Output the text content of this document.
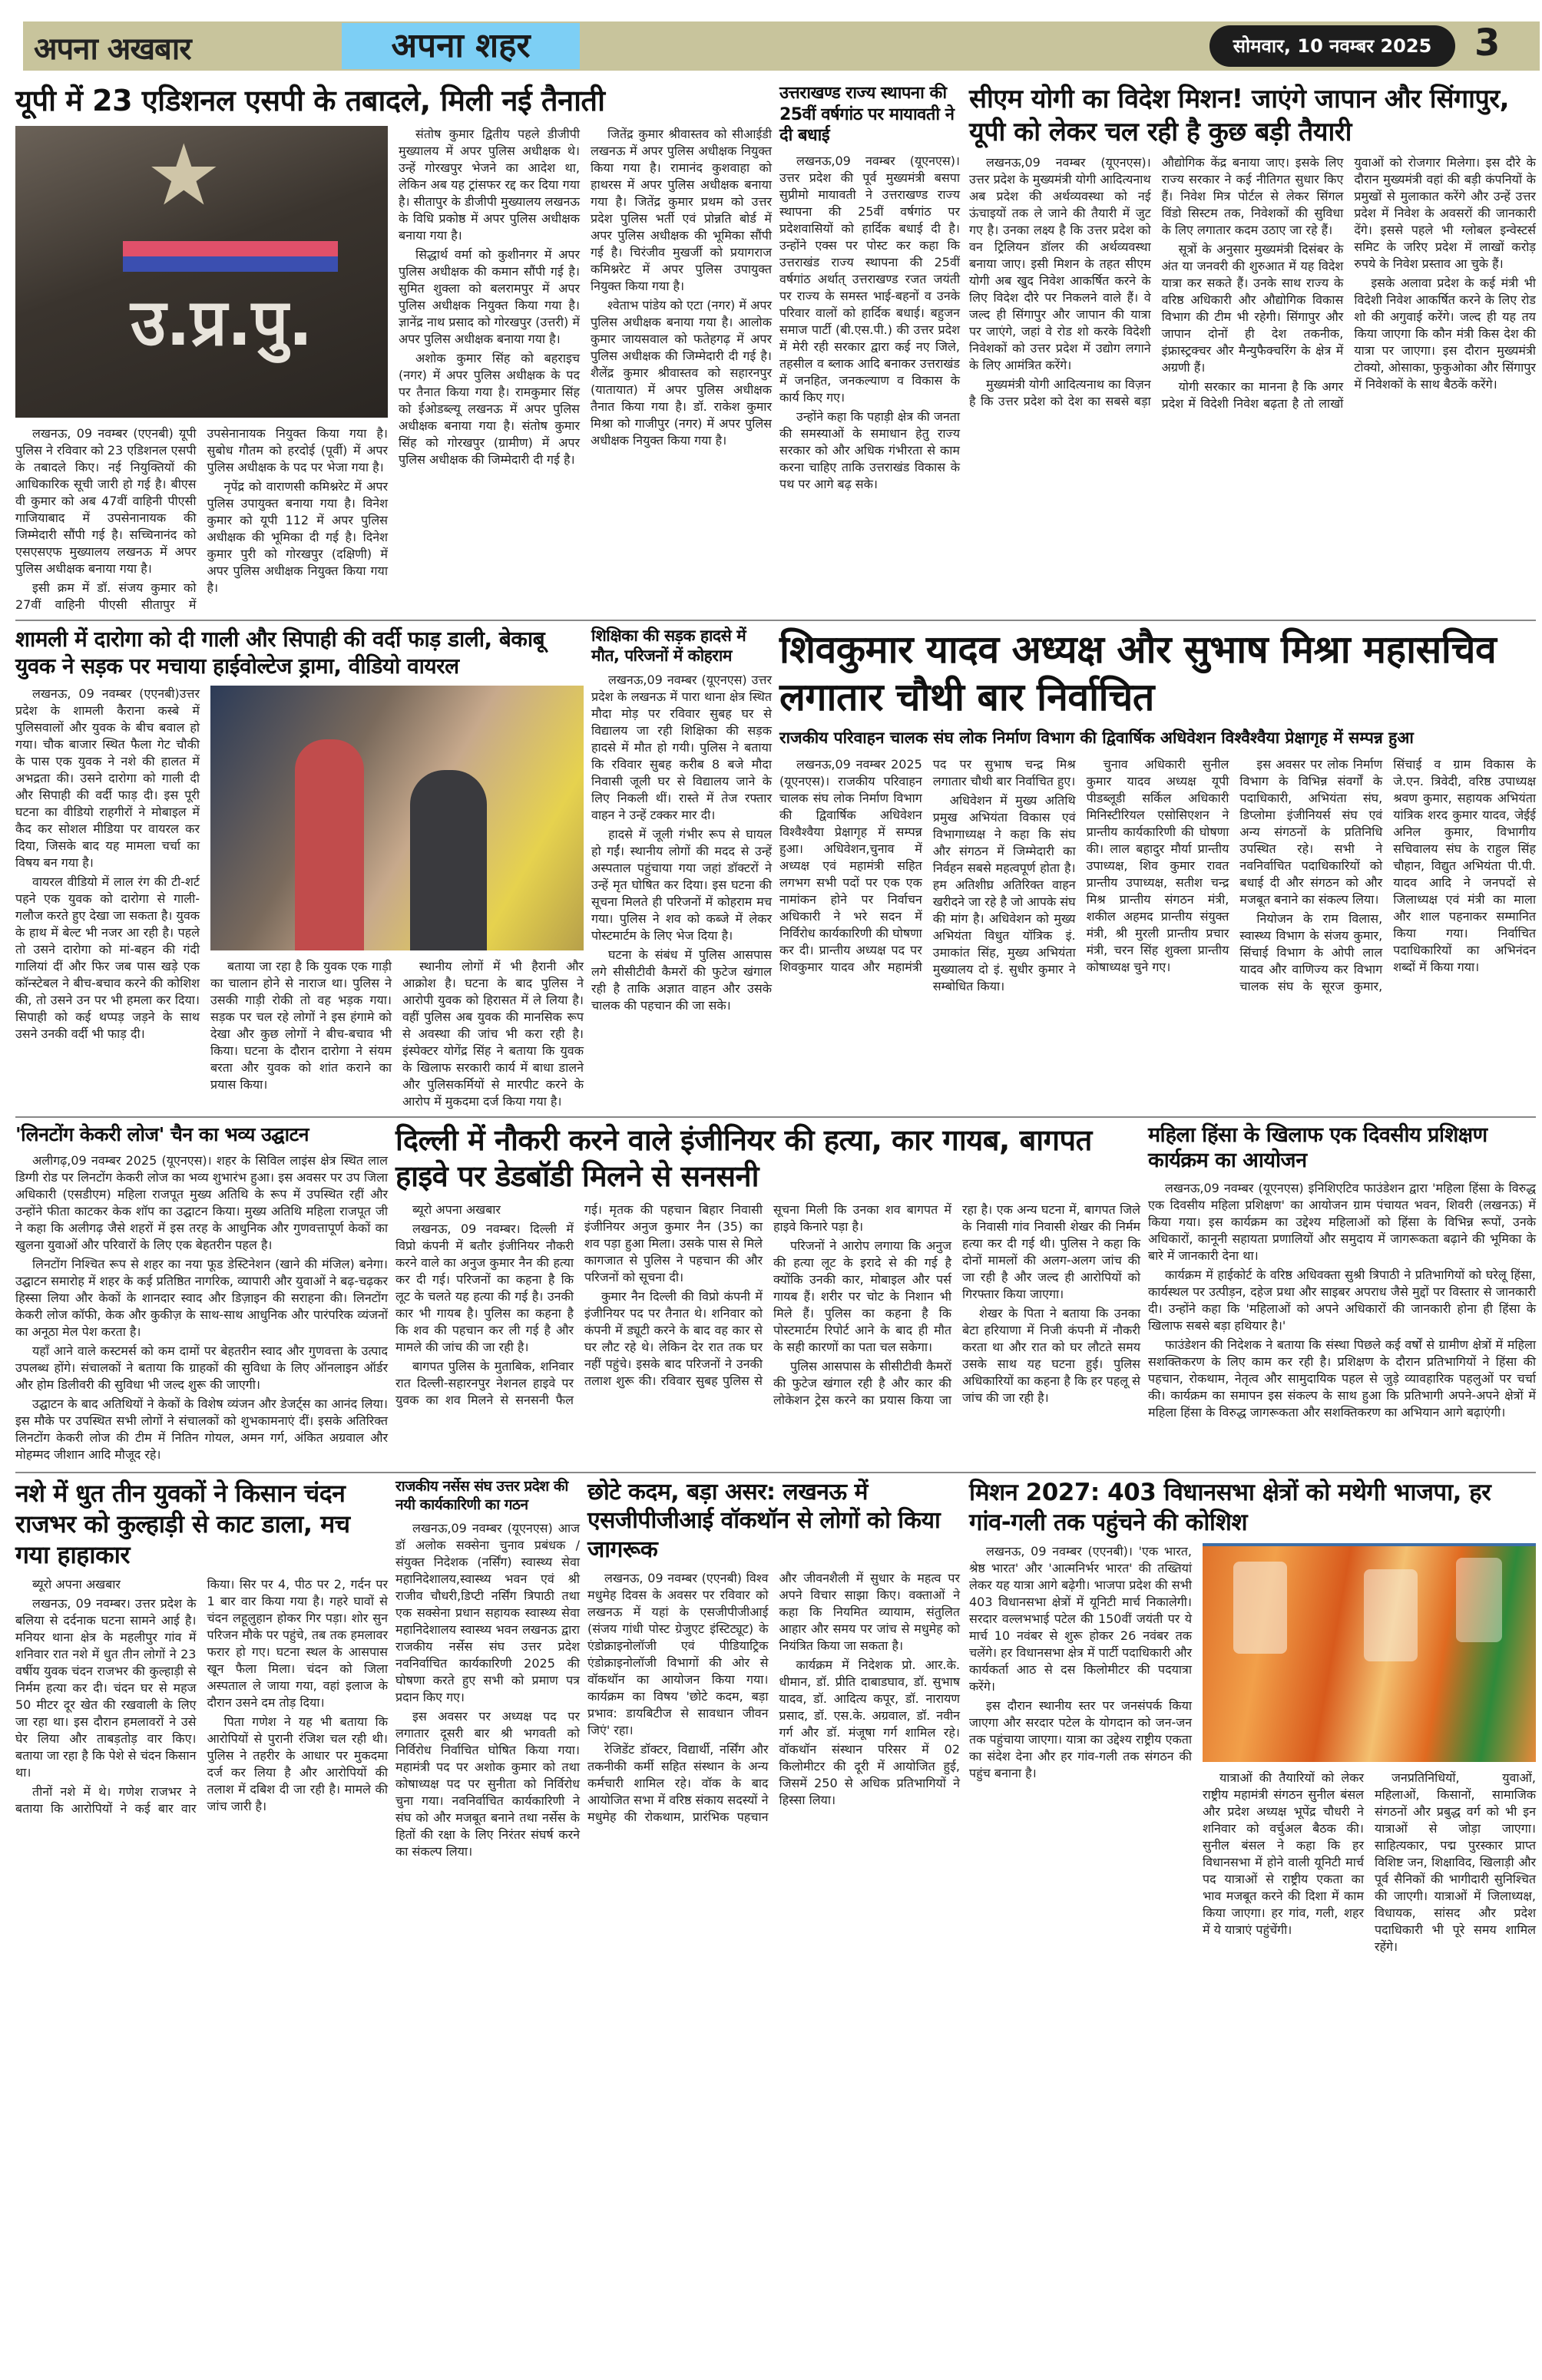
अपना अखबार	अपना शहर	सोमवार, 10 नवम्बर 2025	3
यूपी में 23 एडिशनल एसपी के तबादले, मिली नई तैनाती
★
उ.प्र.पु.

लखनऊ, 09 नवम्बर (एएनबी) यूपी पुलिस ने रविवार को 23 एडिशनल एसपी के तबादले किए। नई नियुक्तियों की आधिकारिक सूची जारी हो गई है। बीएस वी कुमार को अब 47वीं वाहिनी पीएसी गाजियाबाद में उपसेनानायक की जिम्मेदारी सौंपी गई है। सच्चिनानंद को एसएसएफ मुख्यालय लखनऊ में अपर पुलिस अधीक्षक बनाया गया है।

इसी क्रम में डॉ. संजय कुमार को 27वीं वाहिनी पीएसी सीतापुर में उपसेनानायक नियुक्त किया गया है। सुबोध गौतम को हरदोई (पूर्वी) में अपर पुलिस अधीक्षक के पद पर भेजा गया है।

नृपेंद्र को वाराणसी कमिश्नरेट में अपर पुलिस उपायुक्त बनाया गया है। विनेश कुमार को यूपी 112 में अपर पुलिस अधीक्षक की भूमिका दी गई है। दिनेश कुमार पुरी को गोरखपुर (दक्षिणी) में अपर पुलिस अधीक्षक नियुक्त किया गया है।

संतोष कुमार द्वितीय पहले डीजीपी मुख्यालय में अपर पुलिस अधीक्षक थे। उन्हें गोरखपुर भेजने का आदेश था, लेकिन अब यह ट्रांसफर रद्द कर दिया गया है। सीतापुर के डीजीपी मुख्यालय लखनऊ के विधि प्रकोष्ठ में अपर पुलिस अधीक्षक बनाया गया है।

सिद्धार्थ वर्मा को कुशीनगर में अपर पुलिस अधीक्षक की कमान सौंपी गई है। सुमित शुक्ला को बलरामपुर में अपर पुलिस अधीक्षक नियुक्त किया गया है। ज्ञानेंद्र नाथ प्रसाद को गोरखपुर (उत्तरी) में अपर पुलिस अधीक्षक बनाया गया है।

अशोक कुमार सिंह को बहराइच (नगर) में अपर पुलिस अधीक्षक के पद पर तैनात किया गया है। रामकुमार सिंह को ईओडब्ल्यू लखनऊ में अपर पुलिस अधीक्षक बनाया गया है। संतोष कुमार सिंह को गोरखपुर (ग्रामीण) में अपर पुलिस अधीक्षक की जिम्मेदारी दी गई है।

जितेंद्र कुमार श्रीवास्तव को सीआईडी लखनऊ में अपर पुलिस अधीक्षक नियुक्त किया गया है। रामानंद कुशवाहा को हाथरस में अपर पुलिस अधीक्षक बनाया गया है। जितेंद्र कुमार प्रथम को उत्तर प्रदेश पुलिस भर्ती एवं प्रोन्नति बोर्ड में अपर पुलिस अधीक्षक की भूमिका सौंपी गई है। चिरंजीव मुखर्जी को प्रयागराज कमिश्नरेट में अपर पुलिस उपायुक्त नियुक्त किया गया है।

श्वेताभ पांडेय को एटा (नगर) में अपर पुलिस अधीक्षक बनाया गया है। आलोक कुमार जायसवाल को फतेहगढ़ में अपर पुलिस अधीक्षक की जिम्मेदारी दी गई है। शैलेंद्र कुमार श्रीवास्तव को सहारनपुर (यातायात) में अपर पुलिस अधीक्षक तैनात किया गया है। डॉ. राकेश कुमार मिश्रा को गाजीपुर (नगर) में अपर पुलिस अधीक्षक नियुक्त किया गया है।

उत्तराखण्ड राज्य स्थापना की 25वीं वर्षगांठ पर मायावती ने दी बधाई

लखनऊ,09 नवम्बर (यूएनएस)। उत्तर प्रदेश की पूर्व मुख्यमंत्री बसपा सुप्रीमो मायावती ने उत्तराखण्ड राज्य स्थापना की 25वीं वर्षगांठ पर प्रदेशवासियों को हार्दिक बधाई दी है। उन्होंने एक्स पर पोस्ट कर कहा कि उत्तराखंड राज्य स्थापना की 25वीं वर्षगांठ अर्थात् उत्तराखण्ड रजत जयंती पर राज्य के समस्त भाई-बहनों व उनके परिवार वालों को हार्दिक बधाई। बहुजन समाज पार्टी (बी.एस.पी.) की उत्तर प्रदेश में मेरी रही सरकार द्वारा कई नए जिले, तहसील व ब्लाक आदि बनाकर उत्तराखंड में जनहित, जनकल्याण व विकास के कार्य किए गए।

उन्होंने कहा कि पहाड़ी क्षेत्र की जनता की समस्याओं के समाधान हेतु राज्य सरकार को और अधिक गंभीरता से काम करना चाहिए ताकि उत्तराखंड विकास के पथ पर आगे बढ़ सके।

सीएम योगी का विदेश मिशन! जाएंगे जापान और सिंगापुर, यूपी को लेकर चल रही है कुछ बड़ी तैयारी

लखनऊ,09 नवम्बर (यूएनएस)। उत्तर प्रदेश के मुख्यमंत्री योगी आदित्यनाथ अब प्रदेश की अर्थव्यवस्था को नई ऊंचाइयों तक ले जाने की तैयारी में जुट गए है। उनका लक्ष्य है कि उत्तर प्रदेश को वन ट्रिलियन डॉलर की अर्थव्यवस्था बनाया जाए। इसी मिशन के तहत सीएम योगी अब खुद निवेश आकर्षित करने के लिए विदेश दौरे पर निकलने वाले हैं। वे जल्द ही सिंगापुर और जापान की यात्रा पर जाएंगे, जहां वे रोड शो करके विदेशी निवेशकों को उत्तर प्रदेश में उद्योग लगाने के लिए आमंत्रित करेंगे।

मुख्यमंत्री योगी आदित्यनाथ का विज़न है कि उत्तर प्रदेश को देश का सबसे बड़ा औद्योगिक केंद्र बनाया जाए। इसके लिए राज्य सरकार ने कई नीतिगत सुधार किए हैं। निवेश मित्र पोर्टल से लेकर सिंगल विंडो सिस्टम तक, निवेशकों की सुविधा के लिए लगातार कदम उठाए जा रहे हैं।

सूत्रों के अनुसार मुख्यमंत्री दिसंबर के अंत या जनवरी की शुरुआत में यह विदेश यात्रा कर सकते हैं। उनके साथ राज्य के वरिष्ठ अधिकारी और औद्योगिक विकास विभाग की टीम भी रहेगी। सिंगापुर और जापान दोनों ही देश तकनीक, इंफ्रास्ट्रक्चर और मैन्युफैक्चरिंग के क्षेत्र में अग्रणी हैं।

योगी सरकार का मानना है कि अगर प्रदेश में विदेशी निवेश बढ़ता है तो लाखों युवाओं को रोजगार मिलेगा। इस दौरे के दौरान मुख्यमंत्री वहां की बड़ी कंपनियों के प्रमुखों से मुलाकात करेंगे और उन्हें उत्तर प्रदेश में निवेश के अवसरों की जानकारी देंगे। इससे पहले भी ग्लोबल इन्वेस्टर्स समिट के जरिए प्रदेश में लाखों करोड़ रुपये के निवेश प्रस्ताव आ चुके हैं।

इसके अलावा प्रदेश के कई मंत्री भी विदेशी निवेश आकर्षित करने के लिए रोड शो की अगुवाई करेंगे। जल्द ही यह तय किया जाएगा कि कौन मंत्री किस देश की यात्रा पर जाएगा। इस दौरान मुख्यमंत्री टोक्यो, ओसाका, फुकुओका और सिंगापुर में निवेशकों के साथ बैठकें करेंगे।

शामली में दारोगा को दी गाली और सिपाही की वर्दी फाड़ डाली, बेकाबू युवक ने सड़क पर मचाया हाईवोल्टेज ड्रामा, वीडियो वायरल

लखनऊ, 09 नवम्बर (एएनबी)उत्तर प्रदेश के शामली कैराना कस्बे में पुलिसवालों और युवक के बीच बवाल हो गया। चौक बाजार स्थित फैला गेट चौकी के पास एक युवक ने नशे की हालत में अभद्रता की। उसने दारोगा को गाली दी और सिपाही की वर्दी फाड़ दी। इस पूरी घटना का वीडियो राहगीरों ने मोबाइल में कैद कर सोशल मीडिया पर वायरल कर दिया, जिसके बाद यह मामला चर्चा का विषय बन गया है।

वायरल वीडियो में लाल रंग की टी-शर्ट पहने एक युवक को दारोगा से गाली-गलौज करते हुए देखा जा सकता है। युवक के हाथ में बेल्ट भी नजर आ रही है। पहले तो उसने दारोगा को मां-बहन की गंदी गालियां दीं और फिर जब पास खड़े एक कॉन्स्टेबल ने बीच-बचाव करने की कोशिश की, तो उसने उन पर भी हमला कर दिया। सिपाही को कई थप्पड़ जड़ने के साथ उसने उनकी वर्दी भी फाड़ दी।

बताया जा रहा है कि युवक एक गाड़ी का चालान होने से नाराज था। पुलिस ने उसकी गाड़ी रोकी तो वह भड़क गया। सड़क पर चल रहे लोगों ने इस हंगामे को देखा और कुछ लोगों ने बीच-बचाव भी किया। घटना के दौरान दारोगा ने संयम बरता और युवक को शांत कराने का प्रयास किया।

स्थानीय लोगों में भी हैरानी और आक्रोश है। घटना के बाद पुलिस ने आरोपी युवक को हिरासत में ले लिया है। वहीं पुलिस अब युवक की मानसिक रूप से अवस्था की जांच भी करा रही है। इंस्पेक्टर योगेंद्र सिंह ने बताया कि युवक के खिलाफ सरकारी कार्य में बाधा डालने और पुलिसकर्मियों से मारपीट करने के आरोप में मुकदमा दर्ज किया गया है।

शिक्षिका की सड़क हादसे में मौत, परिजनों में कोहराम

लखनऊ,09 नवम्बर (यूएनएस) उत्तर प्रदेश के लखनऊ में पारा थाना क्षेत्र स्थित मौदा मोड़ पर रविवार सुबह घर से विद्यालय जा रही शिक्षिका की सड़क हादसे में मौत हो गयी। पुलिस ने बताया कि रविवार सुबह करीब 8 बजे मौदा निवासी जूली घर से विद्यालय जाने के लिए निकली थीं। रास्ते में तेज रफ्तार वाहन ने उन्हें टक्कर मार दी।

हादसे में जूली गंभीर रूप से घायल हो गईं। स्थानीय लोगों की मदद से उन्हें अस्पताल पहुंचाया गया जहां डॉक्टरों ने उन्हें मृत घोषित कर दिया। इस घटना की सूचना मिलते ही परिजनों में कोहराम मच गया। पुलिस ने शव को कब्जे में लेकर पोस्टमार्टम के लिए भेज दिया है।

घटना के संबंध में पुलिस आसपास लगे सीसीटीवी कैमरों की फुटेज खंगाल रही है ताकि अज्ञात वाहन और उसके चालक की पहचान की जा सके।

शिवकुमार यादव अध्यक्ष और सुभाष मिश्रा महासचिव लगातार चौथी बार निर्वाचित
राजकीय परिवाहन चालक संघ लोक निर्माण विभाग की द्विवार्षिक अधिवेशन विश्वैश्वैया प्रेक्षागृह में सम्पन्न हुआ

लखनऊ,09 नवम्बर 2025 (यूएनएस)। राजकीय परिवाहन चालक संघ लोक निर्माण विभाग की द्विवार्षिक अधिवेशन विश्वैश्वैया प्रेक्षागृह में सम्पन्न हुआ। अधिवेशन,चुनाव में अध्यक्ष एवं महामंत्री सहित लगभग सभी पदों पर एक एक नामांकन होने पर निर्वाचन अधिकारी ने भरे सदन में निर्विरोध कार्यकारिणी की घोषणा कर दी। प्रान्तीय अध्यक्ष पद पर शिवकुमार यादव और महामंत्री पद पर सुभाष चन्द्र मिश्र लगातार चौथी बार निर्वाचित हुए।

अधिवेशन में मुख्य अतिथि प्रमुख अभियंता विकास एवं विभागाध्यक्ष ने कहा कि संघ और संगठन में जिम्मेदारी का निर्वहन सबसे महत्वपूर्ण होता है। हम अतिशीघ्र अतिरिक्त वाहन खरीदने जा रहे है जो आपके संघ की मांग है। अधिवेशन को मुख्य अभियंता विधुत यॉत्रिक इं. उमाकांत सिंह, मुख्य अभियंता मुख्यालय दो इं. सुधीर कुमार ने सम्बोधित किया।

चुनाव अधिकारी सुनील कुमार यादव अध्यक्ष यूपी पीडब्लूडी सर्किल अधिकारी मिनिस्टीरियल एसोसिएशन ने प्रान्तीय कार्यकारिणी की घोषणा की। लाल बहादुर मौर्या प्रान्तीय उपाध्यक्ष, शिव कुमार रावत प्रान्तीय उपाध्यक्ष, सतीश चन्द्र मिश्र प्रान्तीय संगठन मंत्री, शकील अहमद प्रान्तीय संयुक्त मंत्री, श्री मुरली प्रान्तीय प्रचार मंत्री, चरन सिंह शुक्ला प्रान्तीय कोषाध्यक्ष चुने गए।

इस अवसर पर लोक निर्माण विभाग के विभिन्न संवर्गों के पदाधिकारी, अभियंता संघ, डिप्लोमा इंजीनियर्स संघ एवं अन्य संगठनों के प्रतिनिधि उपस्थित रहे। सभी ने नवनिर्वाचित पदाधिकारियों को बधाई दी और संगठन को और मजबूत बनाने का संकल्प लिया।

नियोजन के राम विलास, स्वास्थ्य विभाग के संजय कुमार, सिंचाई विभाग के ओपी लाल यादव और वाणिज्य कर विभाग चालक संघ के सूरज कुमार, सिंचाई व ग्राम विकास के जे.एन. त्रिवेदी, वरिष्ठ उपाध्यक्ष श्रवण कुमार, सहायक अभियंता यांत्रिक शरद कुमार यादव, जेईई अनिल कुमार, विभागीय सचिवालय संघ के राहुल सिंह चौहान, विद्युत अभियंता पी.पी. यादव आदि ने जनपदों से जिलाध्यक्ष एवं मंत्री का माला और शाल पहनाकर सम्मानित किया गया। निर्वाचित पदाधिकारियों का अभिनंदन शब्दों में किया गया।

'लिनटोंग केकरी लोज' चैन का भव्य उद्घाटन

अलीगढ़,09 नवम्बर 2025 (यूएनएस)। शहर के सिविल लाइंस क्षेत्र स्थित लाल डिग्गी रोड पर लिनटोंग केकरी लोज का भव्य शुभारंभ हुआ। इस अवसर पर उप जिला अधिकारी (एसडीएम) महिला राजपूत मुख्य अतिथि के रूप में उपस्थित रहीं और उन्होंने फीता काटकर केक शॉप का उद्घाटन किया। मुख्य अतिथि महिला राजपूत जी ने कहा कि अलीगढ़ जैसे शहरों में इस तरह के आधुनिक और गुणवत्तापूर्ण केकों का खुलना युवाओं और परिवारों के लिए एक बेहतरीन पहल है।

लिनटोंग निश्चित रूप से शहर का नया फूड डेस्टिनेशन (खाने की मंजिल) बनेगा। उद्घाटन समारोह में शहर के कई प्रतिष्ठित नागरिक, व्यापारी और युवाओं ने बढ़-चढ़कर हिस्सा लिया और केकों के शानदार स्वाद और डिज़ाइन की सराहना की। लिनटोंग केकरी लोज कॉफी, केक और कुकीज़ के साथ-साथ आधुनिक और पारंपरिक व्यंजनों का अनूठा मेल पेश करता है।

यहाँ आने वाले कस्टमर्स को कम दामों पर बेहतरीन स्वाद और गुणवत्ता के उत्पाद उपलब्ध होंगे। संचालकों ने बताया कि ग्राहकों की सुविधा के लिए ऑनलाइन ऑर्डर और होम डिलीवरी की सुविधा भी जल्द शुरू की जाएगी।

उद्घाटन के बाद अतिथियों ने केकों के विशेष व्यंजन और डेजर्ट्स का आनंद लिया। इस मौके पर उपस्थित सभी लोगों ने संचालकों को शुभकामनाएं दीं। इसके अतिरिक्त लिनटोंग केकरी लोज की टीम में नितिन गोयल, अमन गर्ग, अंकित अग्रवाल और मोहम्मद जीशान आदि मौजूद रहे।

दिल्ली में नौकरी करने वाले इंजीनियर की हत्या, कार गायब, बागपत हाइवे पर डेडबॉडी मिलने से सनसनी

ब्यूरो अपना अखबार

लखनऊ, 09 नवम्बर। दिल्ली में विप्रो कंपनी में बतौर इंजीनियर नौकरी करने वाले का अनुज कुमार नैन की हत्या कर दी गई। परिजनों का कहना है कि लूट के चलते यह हत्या की गई है। उनकी कार भी गायब है। पुलिस का कहना है कि शव की पहचान कर ली गई है और मामले की जांच की जा रही है।

बागपत पुलिस के मुताबिक, शनिवार रात दिल्ली-सहारनपुर नेशनल हाइवे पर युवक का शव मिलने से सनसनी फैल गई। मृतक की पहचान बिहार निवासी इंजीनियर अनुज कुमार नैन (35) का शव पड़ा हुआ मिला। उसके पास से मिले कागजात से पुलिस ने पहचान की और परिजनों को सूचना दी।

कुमार नैन दिल्ली की विप्रो कंपनी में इंजीनियर पद पर तैनात थे। शनिवार को कंपनी में ड्यूटी करने के बाद वह कार से घर लौट रहे थे। लेकिन देर रात तक घर नहीं पहुंचे। इसके बाद परिजनों ने उनकी तलाश शुरू की। रविवार सुबह पुलिस से सूचना मिली कि उनका शव बागपत में हाइवे किनारे पड़ा है।

परिजनों ने आरोप लगाया कि अनुज की हत्या लूट के इरादे से की गई है क्योंकि उनकी कार, मोबाइल और पर्स गायब हैं। शरीर पर चोट के निशान भी मिले हैं। पुलिस का कहना है कि पोस्टमार्टम रिपोर्ट आने के बाद ही मौत के सही कारणों का पता चल सकेगा।

पुलिस आसपास के सीसीटीवी कैमरों की फुटेज खंगाल रही है और कार की लोकेशन ट्रेस करने का प्रयास किया जा रहा है। एक अन्य घटना में, बागपत जिले के निवासी गांव निवासी शेखर की निर्मम हत्या कर दी गई थी। पुलिस ने कहा कि दोनों मामलों की अलग-अलग जांच की जा रही है और जल्द ही आरोपियों को गिरफ्तार किया जाएगा।

शेखर के पिता ने बताया कि उनका बेटा हरियाणा में निजी कंपनी में नौकरी करता था और रात को घर लौटते समय उसके साथ यह घटना हुई। पुलिस अधिकारियों का कहना है कि हर पहलू से जांच की जा रही है।

महिला हिंसा के खिलाफ एक दिवसीय प्रशिक्षण कार्यक्रम का आयोजन

लखनऊ,09 नवम्बर (यूएनएस) इनिशिएटिव फाउंडेशन द्वारा 'महिला हिंसा के विरुद्ध एक दिवसीय महिला प्रशिक्षण' का आयोजन ग्राम पंचायत भवन, शिवरी (लखनऊ) में किया गया। इस कार्यक्रम का उद्देश्य महिलाओं को हिंसा के विभिन्न रूपों, उनके अधिकारों, कानूनी सहायता प्रणालियों और समुदाय में जागरूकता बढ़ाने की भूमिका के बारे में जानकारी देना था।

कार्यक्रम में हाईकोर्ट के वरिष्ठ अधिवक्ता सुश्री त्रिपाठी ने प्रतिभागियों को घरेलू हिंसा, कार्यस्थल पर उत्पीड़न, दहेज प्रथा और साइबर अपराध जैसे मुद्दों पर विस्तार से जानकारी दी। उन्होंने कहा कि 'महिलाओं को अपने अधिकारों की जानकारी होना ही हिंसा के खिलाफ सबसे बड़ा हथियार है।'

फाउंडेशन की निदेशक ने बताया कि संस्था पिछले कई वर्षों से ग्रामीण क्षेत्रों में महिला सशक्तिकरण के लिए काम कर रही है। प्रशिक्षण के दौरान प्रतिभागियों ने हिंसा की पहचान, रोकथाम, नेतृत्व और सामुदायिक पहल से जुड़े व्यावहारिक पहलुओं पर चर्चा की। कार्यक्रम का समापन इस संकल्प के साथ हुआ कि प्रतिभागी अपने-अपने क्षेत्रों में महिला हिंसा के विरुद्ध जागरूकता और सशक्तिकरण का अभियान आगे बढ़ाएंगी।

नशे में धुत तीन युवकों ने किसान चंदन राजभर को कुल्हाड़ी से काट डाला, मच गया हाहाकार

ब्यूरो अपना अखबार

लखनऊ, 09 नवम्बर। उत्तर प्रदेश के बलिया से दर्दनाक घटना सामने आई है। मनियर थाना क्षेत्र के महलीपुर गांव में शनिवार रात नशे में धुत तीन लोगों ने 23 वर्षीय युवक चंदन राजभर की कुल्हाड़ी से निर्मम हत्या कर दी। चंदन घर से महज 50 मीटर दूर खेत की रखवाली के लिए जा रहा था। इस दौरान हमलावरों ने उसे घेर लिया और ताबड़तोड़ वार किए। बताया जा रहा है कि पेशे से चंदन किसान था।

तीनों नशे में थे। गणेश राजभर ने बताया कि आरोपियों ने कई बार वार किया। सिर पर 4, पीठ पर 2, गर्दन पर 1 बार वार किया गया है। गहरे घावों से चंदन लहूलुहान होकर गिर पड़ा। शोर सुन परिजन मौके पर पहुंचे, तब तक हमलावर फरार हो गए। घटना स्थल के आसपास खून फैला मिला। चंदन को जिला अस्पताल ले जाया गया, वहां इलाज के दौरान उसने दम तोड़ दिया।

पिता गणेश ने यह भी बताया कि आरोपियों से पुरानी रंजिश चल रही थी। पुलिस ने तहरीर के आधार पर मुकदमा दर्ज कर लिया है और आरोपियों की तलाश में दबिश दी जा रही है। मामले की जांच जारी है।

राजकीय नर्सेस संघ उत्तर प्रदेश की नयी कार्यकारिणी का गठन

लखनऊ,09 नवम्बर (यूएनएस) आज डॉ अलोक सक्सेना चुनाव प्रबंधक / संयुक्त निदेशक (नर्सिंग) स्वास्थ्य सेवा महानिदेशालय,स्वास्थ्य भवन एवं श्री राजीव चौधरी,डिप्टी नर्सिंग त्रिपाठी तथा एक सक्सेना प्रधान सहायक स्वास्थ्य सेवा महानिदेशालय स्वास्थ्य भवन लखनऊ द्वारा राजकीय नर्सेस संघ उत्तर प्रदेश नवनिर्वाचित कार्यकारिणी 2025 की घोषणा करते हुए सभी को प्रमाण पत्र प्रदान किए गए।

इस अवसर पर अध्यक्ष पद पर लगातार दूसरी बार श्री भगवती को निर्विरोध निर्वाचित घोषित किया गया। महामंत्री पद पर अशोक कुमार को तथा कोषाध्यक्ष पद पर सुनीता को निर्विरोध चुना गया। नवनिर्वाचित कार्यकारिणी ने संघ को और मजबूत बनाने तथा नर्सेस के हितों की रक्षा के लिए निरंतर संघर्ष करने का संकल्प लिया।

छोटे कदम, बड़ा असर: लखनऊ में एसजीपीजीआई वॉकथॉन से लोगों को किया जागरूक

लखनऊ, 09 नवम्बर (एएनबी) विश्व मधुमेह दिवस के अवसर पर रविवार को लखनऊ में यहां के एसजीपीजीआई (संजय गांधी पोस्ट ग्रेजुएट इंस्टिट्यूट) के एंडोक्राइनोलॉजी एवं पीडियाट्रिक एंडोक्राइनोलॉजी विभागों की ओर से वॉकथॉन का आयोजन किया गया। कार्यक्रम का विषय 'छोटे कदम, बड़ा प्रभाव: डायबिटीज से सावधान जीवन जिएं' रहा।

रेजिडेंट डॉक्टर, विद्यार्थी, नर्सिंग और तकनीकी कर्मी सहित संस्थान के अन्य कर्मचारी शामिल रहे। वॉक के बाद आयोजित सभा में वरिष्ठ संकाय सदस्यों ने मधुमेह की रोकथाम, प्रारंभिक पहचान और जीवनशैली में सुधार के महत्व पर अपने विचार साझा किए। वक्ताओं ने कहा कि नियमित व्यायाम, संतुलित आहार और समय पर जांच से मधुमेह को नियंत्रित किया जा सकता है।

कार्यक्रम में निदेशक प्रो. आर.के. धीमान, डॉ. प्रीति दाबाडघाव, डॉ. सुभाष यादव, डॉ. आदित्य कपूर, डॉ. नारायण प्रसाद, डॉ. एस.के. अग्रवाल, डॉ. नवीन गर्ग और डॉ. मंजूषा गर्ग शामिल रहे। वॉकथॉन संस्थान परिसर में 02 किलोमीटर की दूरी में आयोजित हुई, जिसमें 250 से अधिक प्रतिभागियों ने हिस्सा लिया।

मिशन 2027: 403 विधानसभा क्षेत्रों को मथेगी भाजपा, हर गांव-गली तक पहुंचने की कोशिश

लखनऊ, 09 नवम्बर (एएनबी)। 'एक भारत, श्रेष्ठ भारत' और 'आत्मनिर्भर भारत' की तख्तियां लेकर यह यात्रा आगे बढ़ेगी। भाजपा प्रदेश की सभी 403 विधानसभा क्षेत्रों में यूनिटी मार्च निकालेगी। सरदार वल्लभभाई पटेल की 150वीं जयंती पर ये मार्च 10 नवंबर से शुरू होकर 26 नवंबर तक चलेंगे। हर विधानसभा क्षेत्र में पार्टी पदाधिकारी और कार्यकर्ता आठ से दस किलोमीटर की पदयात्रा करेंगे।

इस दौरान स्थानीय स्तर पर जनसंपर्क किया जाएगा और सरदार पटेल के योगदान को जन-जन तक पहुंचाया जाएगा। यात्रा का उद्देश्य राष्ट्रीय एकता का संदेश देना और हर गांव-गली तक संगठन की पहुंच बनाना है।	यात्राओं की तैयारियों को लेकर राष्ट्रीय महामंत्री संगठन सुनील बंसल और प्रदेश अध्यक्ष भूपेंद्र चौधरी ने शनिवार को वर्चुअल बैठक की। सुनील बंसल ने कहा कि हर विधानसभा में होने वाली यूनिटी मार्च पद यात्राओं से राष्ट्रीय एकता का भाव मजबूत करने की दिशा में काम किया जाएगा। हर गांव, गली, शहर में ये यात्राएं पहुंचेंगी।

जनप्रतिनिधियों, युवाओं, महिलाओं, किसानों, सामाजिक संगठनों और प्रबुद्ध वर्ग को भी इन यात्राओं से जोड़ा जाएगा। साहित्यकार, पद्म पुरस्कार प्राप्त विशिष्ट जन, शिक्षाविद, खिलाड़ी और पूर्व सैनिकों की भागीदारी सुनिश्चित की जाएगी। यात्राओं में जिलाध्यक्ष, विधायक, सांसद और प्रदेश पदाधिकारी भी पूरे समय शामिल रहेंगे।
